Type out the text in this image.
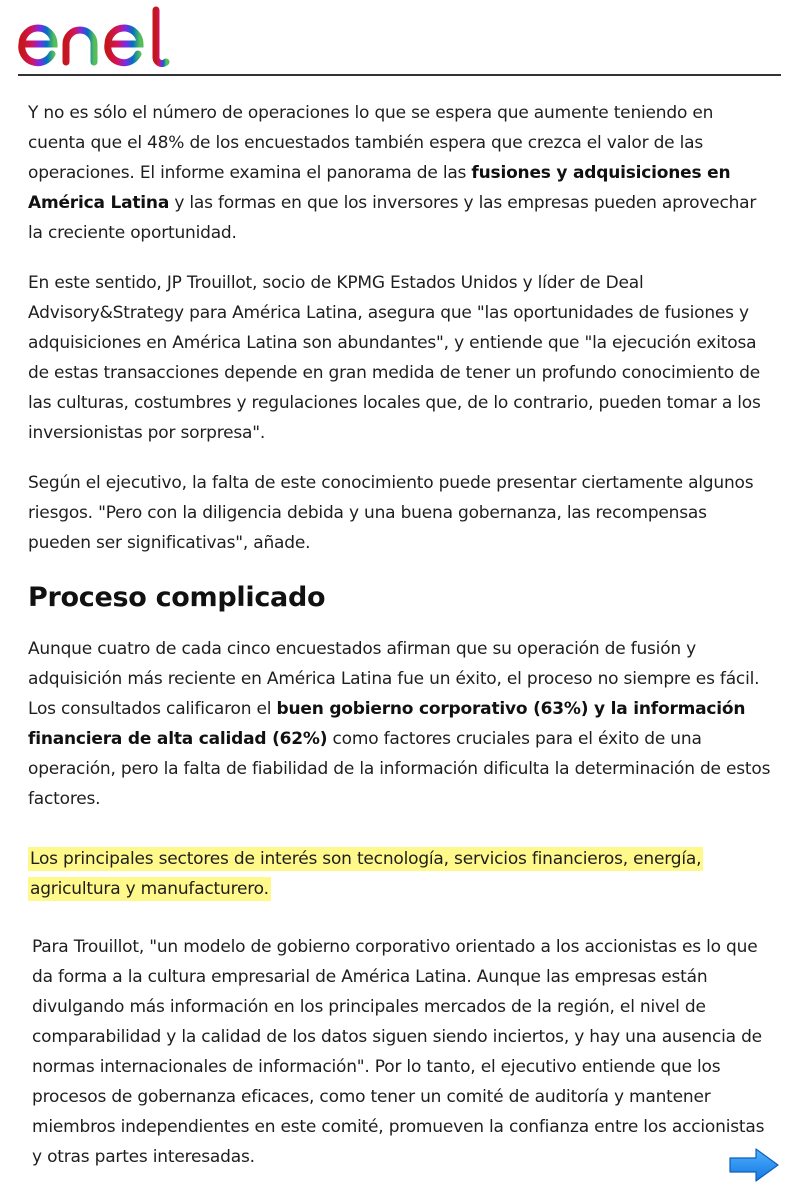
Y no es sólo el número de operaciones lo que se espera que aumente teniendo en cuenta que el 48% de los encuestados también espera que crezca el valor de las operaciones. El informe examina el panorama de las fusiones y adquisiciones en América Latina y las formas en que los inversores y las empresas pueden aprovechar la creciente oportunidad.

En este sentido, JP Trouillot, socio de KPMG Estados Unidos y líder de Deal Advisory&Strategy para América Latina, asegura que "las oportunidades de fusiones y adquisiciones en América Latina son abundantes", y entiende que "la ejecución exitosa de estas transacciones depende en gran medida de tener un profundo conocimiento de las culturas, costumbres y regulaciones locales que, de lo contrario, pueden tomar a los inversionistas por sorpresa".

Según el ejecutivo, la falta de este conocimiento puede presentar ciertamente algunos riesgos. "Pero con la diligencia debida y una buena gobernanza, las recompensas pueden ser significativas", añade.

Proceso complicado

Aunque cuatro de cada cinco encuestados afirman que su operación de fusión y adquisición más reciente en América Latina fue un éxito, el proceso no siempre es fácil. Los consultados calificaron el buen gobierno corporativo (63%) y la información financiera de alta calidad (62%) como factores cruciales para el éxito de una operación, pero la falta de fiabilidad de la información dificulta la determinación de estos factores.

Los principales sectores de interés son tecnología, servicios financieros, energía, agricultura y manufacturero.

Para Trouillot, "un modelo de gobierno corporativo orientado a los accionistas es lo que da forma a la cultura empresarial de América Latina. Aunque las empresas están divulgando más información en los principales mercados de la región, el nivel de comparabilidad y la calidad de los datos siguen siendo inciertos, y hay una ausencia de normas internacionales de información". Por lo tanto, el ejecutivo entiende que los procesos de gobernanza eficaces, como tener un comité de auditoría y mantener miembros independientes en este comité, promueven la confianza entre los accionistas y otras partes interesadas.
